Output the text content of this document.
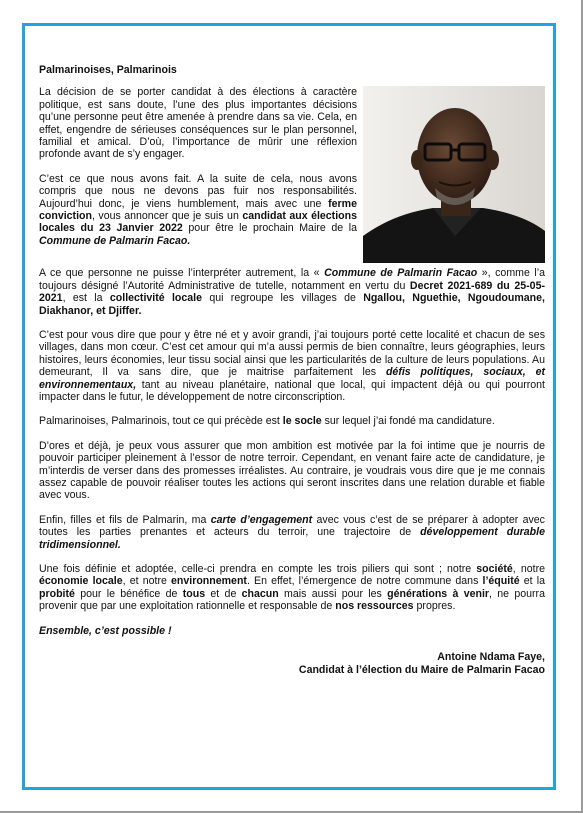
Palmarinoises, Palmarinois

La décision de se porter candidat à des élections à caractère politique, est sans doute, l’une des plus importantes décisions qu’une personne peut être amenée à prendre dans sa vie. Cela, en effet, engendre de sérieuses conséquences sur le plan personnel, familial et amical. D’où, l’importance de mûrir une réflexion profonde avant de s’y engager.

C’est ce que nous avons fait. A la suite de cela, nous avons compris que nous ne devons pas fuir nos responsabilités. Aujourd’hui donc, je viens humblement, mais avec une ferme conviction, vous annoncer que je suis un candidat aux élections locales du 23 Janvier 2022 pour être le prochain Maire de la Commune de Palmarin Facao.

A ce que personne ne puisse l’interpréter autrement, la « Commune de Palmarin Facao », comme l’a toujours désigné l’Autorité Administrative de tutelle, notamment en vertu du Decret 2021-689 du 25-05-2021, est la collectivité locale qui regroupe les villages de Ngallou, Nguethie, Ngoudoumane, Diakhanor, et Djiffer.

C’est pour vous dire que pour y être né et y avoir grandi, j’ai toujours porté cette localité et chacun de ses villages, dans mon cœur. C’est cet amour qui m’a aussi permis de bien connaître, leurs géographies, leurs histoires, leurs économies, leur tissu social ainsi que les particularités de la culture de leurs populations. Au demeurant, Il va sans dire, que je maitrise parfaitement les défis politiques, sociaux, et environnementaux, tant au niveau planétaire, national que local, qui impactent déjà ou qui pourront impacter dans le futur, le développement de notre circonscription.

Palmarinoises, Palmarinois, tout ce qui précède est le socle sur lequel j’ai fondé ma candidature.

D’ores et déjà, je peux vous assurer que mon ambition est motivée par la foi intime que je nourris de pouvoir participer pleinement à l’essor de notre terroir. Cependant, en venant faire acte de candidature, je m’interdis de verser dans des promesses irréalistes. Au contraire, je voudrais vous dire que je me connais assez capable de pouvoir réaliser toutes les actions qui seront inscrites dans une relation durable et fiable avec vous.

Enfin, filles et fils de Palmarin, ma carte d’engagement avec vous c’est de se préparer à adopter avec toutes les parties prenantes et acteurs du terroir, une trajectoire de développement durable tridimensionnel.

Une fois définie et adoptée, celle-ci prendra en compte les trois piliers qui sont ; notre société, notre économie locale, et notre environnement. En effet, l’émergence de notre commune dans l’équité et la probité pour le bénéfice de tous et de chacun mais aussi pour les générations à venir, ne pourra provenir que par une exploitation rationnelle et responsable de nos ressources propres.

Ensemble, c’est possible !
Antoine Ndama Faye,
Candidat à l’élection du Maire de Palmarin Facao
